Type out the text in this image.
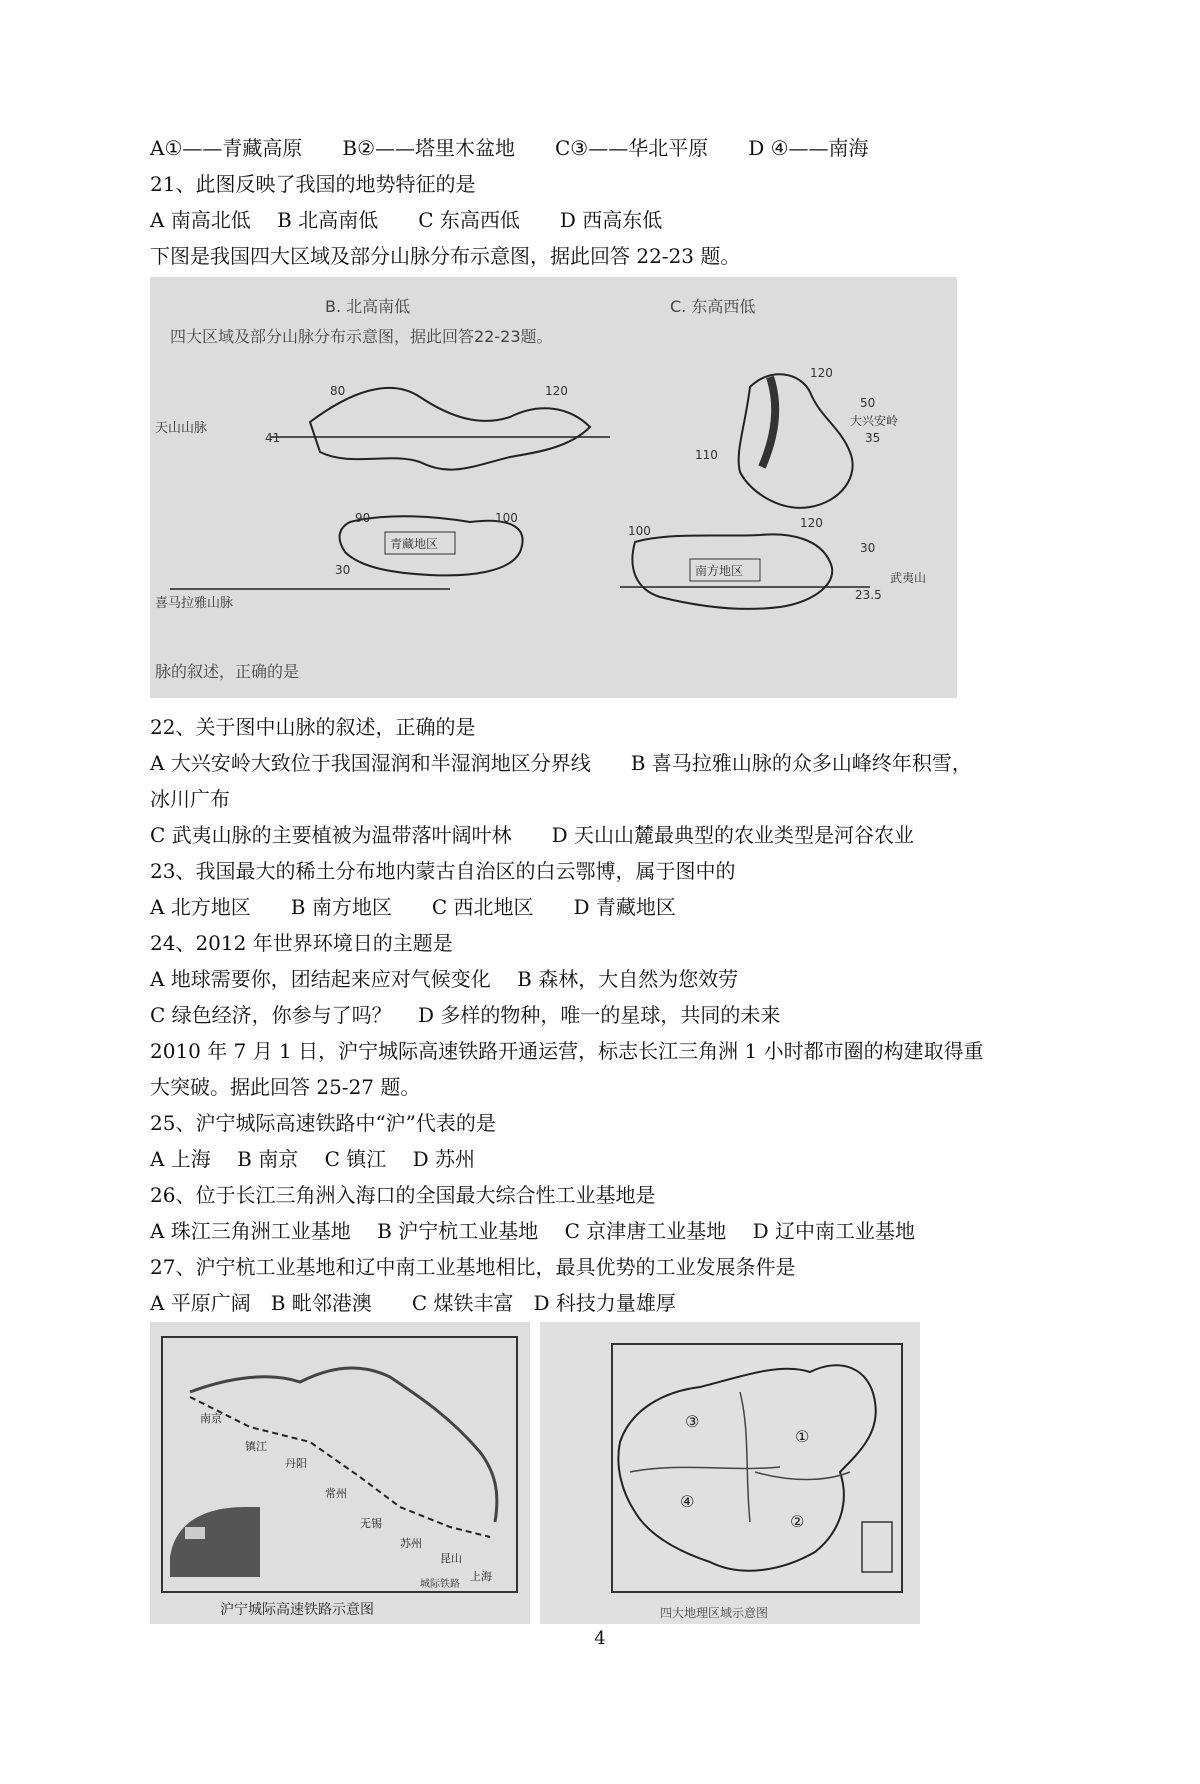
A①——青藏高原　　B②——塔里木盆地　　C③——华北平原　　D ④——南海
21、此图反映了我国的地势特征的是
A 南高北低　 B 北高南低　　C 东高西低　　D 西高东低
下图是我国四大区域及部分山脉分布示意图，据此回答 22-23 题。
B. 北高南低	C. 东高西低
四大区域及部分山脉分布示意图，据此回答22-23题。
天山山脉
80
41
120
120
50
大兴安岭
35
110
120
青藏地区
90	100
30
喜马拉雅山脉
南方地区
100
30
武夷山
23.5
脉的叙述，正确的是
22、关于图中山脉的叙述，正确的是
A 大兴安岭大致位于我国湿润和半湿润地区分界线　　B 喜马拉雅山脉的众多山峰终年积雪，
冰川广布
C 武夷山脉的主要植被为温带落叶阔叶林　　D 天山山麓最典型的农业类型是河谷农业
23、我国最大的稀土分布地内蒙古自治区的白云鄂博，属于图中的
A 北方地区　　B 南方地区　　C 西北地区　　D 青藏地区
24、2012 年世界环境日的主题是
A 地球需要你，团结起来应对气候变化　 B 森林，大自然为您效劳
C 绿色经济，你参与了吗？　 D 多样的物种，唯一的星球，共同的未来
2010 年 7 月 1 日，沪宁城际高速铁路开通运营，标志长江三角洲 1 小时都市圈的构建取得重
大突破。据此回答 25-27 题。
25、沪宁城际高速铁路中“沪”代表的是
A 上海　 B 南京　 C 镇江　 D 苏州
26、位于长江三角洲入海口的全国最大综合性工业基地是
A 珠江三角洲工业基地　 B 沪宁杭工业基地　 C 京津唐工业基地　 D 辽中南工业基地
27、沪宁杭工业基地和辽中南工业基地相比，最具优势的工业发展条件是
A 平原广阔　B 毗邻港澳　　C 煤铁丰富　D 科技力量雄厚
南京
镇江
丹阳
常州
无锡
苏州
昆山
上海
城际铁路
沪宁城际高速铁路示意图
③
①
④
②
四大地理区域示意图
4
